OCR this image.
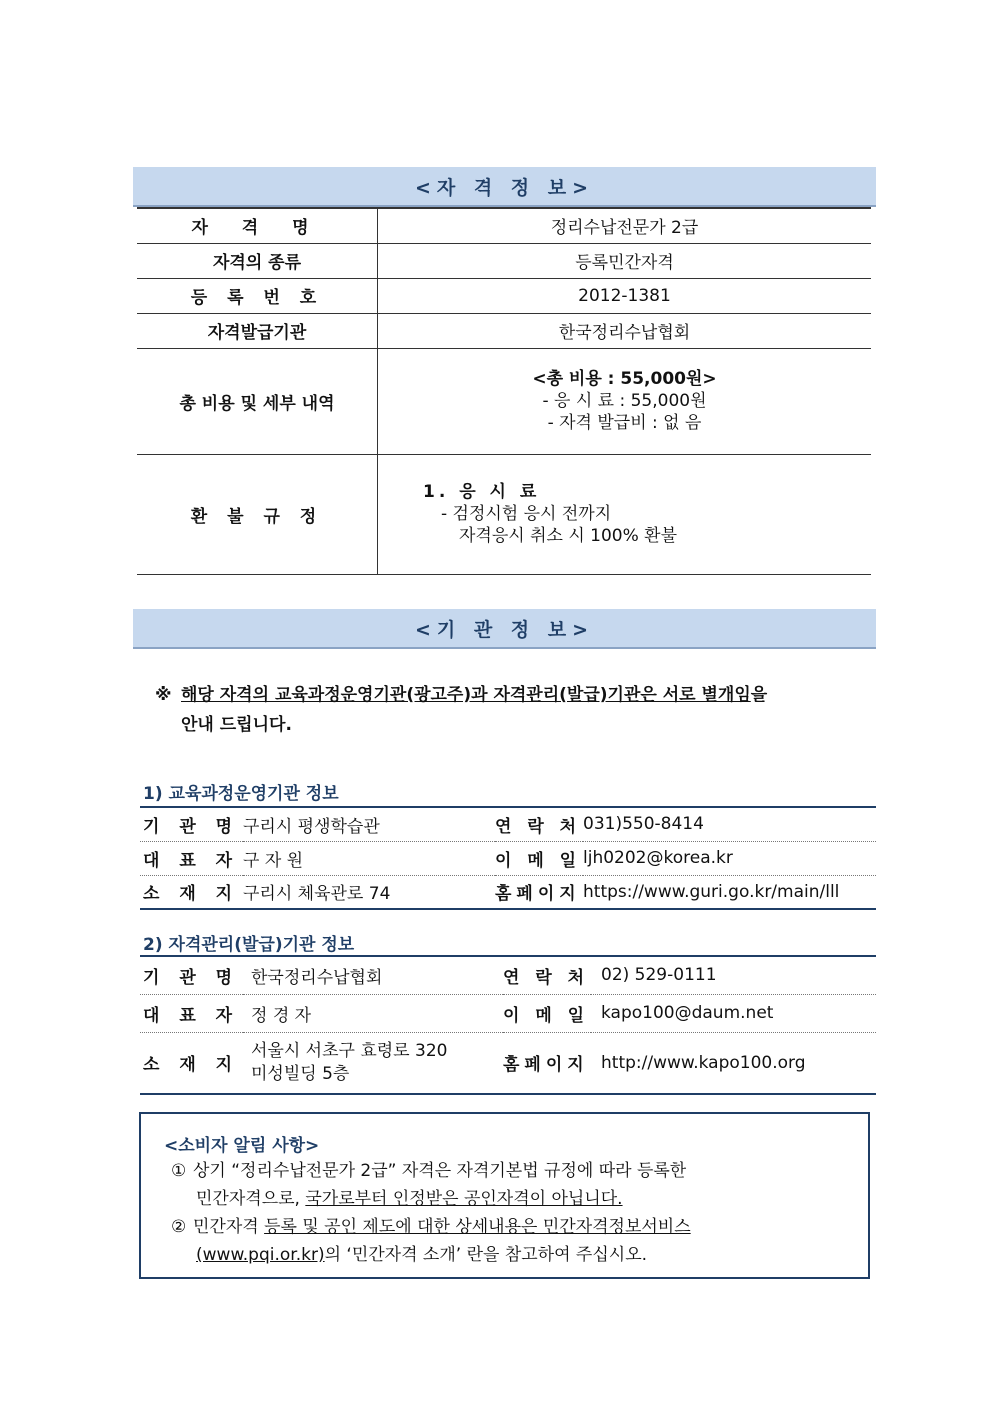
<자 격 정 보>
자 격 명	정리수납전문가 2급
자격의 종류	등록민간자격
등 록 번 호	2012-1381
자격발급기관	한국정리수납협회
총 비용 및 세부 내역	<총 비용 : 55,000원>
- 응 시 료 : 55,000원
- 자격 발급비 : 없 음

환 불 규 정	1. 응 시 료
- 검정시험 응시 전까지
자격응시 취소 시 100% 환불
<기 관 정 보>
※ 해당 자격의 교육과정운영기관(광고주)과 자격관리(발급)기관은 서로 별개임을
안내 드립니다.
1) 교육과정운영기관 정보
기 관 명	구리시 평생학습관	연 락 처	031)550-8414
대 표 자	구 자 원	이 메 일	ljh0202@korea.kr
소 재 지	구리시 체육관로 74	홈페이지	https://www.guri.go.kr/main/lll
2) 자격관리(발급)기관 정보
기 관 명	한국정리수납협회	연 락 처	02) 529-0111
대 표 자	정 경 자	이 메 일	kapo100@daum.net
소 재 지	서울시 서초구 효령로 320
미성빌딩 5층	홈페이지	http://www.kapo100.org
<소비자 알림 사항>
① 상기 “정리수납전문가 2급” 자격은 자격기본법 규정에 따라 등록한
민간자격으로, 국가로부터 인정받은 공인자격이 아닙니다.
② 민간자격 등록 및 공인 제도에 대한 상세내용은 민간자격정보서비스
(www.pqi.or.kr)의 ‘민간자격 소개’ 란을 참고하여 주십시오.
